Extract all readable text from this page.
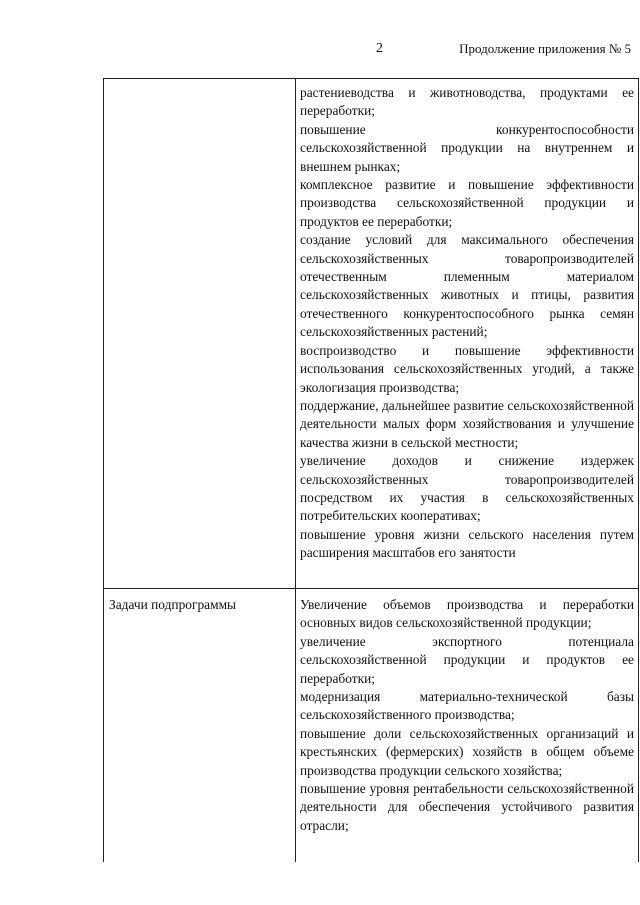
2	Продолжение приложения № 5

растениеводства и животноводства, продуктами ее переработки;

повышение конкурентоспособности сельскохозяйственной продукции на внутреннем и внешнем рынках;

комплексное развитие и повышение эффективности производства сельскохозяйственной продукции и продуктов ее переработки;

создание условий для максимального обеспечения сельскохозяйственных товаропроизводителей отечественным племенным материалом сельскохозяйственных животных и птицы, развития отечественного конкурентоспособного рынка семян сельскохозяйственных растений;

воспроизводство и повышение эффективности использования сельскохозяйственных угодий, а также экологизация производства;

поддержание, дальнейшее развитие сельскохозяйственной деятельности малых форм хозяйствования и улучшение качества жизни в сельской местности;

увеличение доходов и снижение издержек сельскохозяйственных товаропроизводителей посредством их участия в сельскохозяйственных потребительских кооперативах;

повышение уровня жизни сельского населения путем расширения масштабов его занятости

Задачи подпрограммы	Увеличение объемов производства и переработки основных видов сельскохозяйственной продукции;

увеличение экспортного потенциала сельскохозяйственной продукции и продуктов ее переработки;

модернизация материально-технической базы сельскохозяйственного производства;

повышение доли сельскохозяйственных организаций и крестьянских (фермерских) хозяйств в общем объеме производства продукции сельского хозяйства;

повышение уровня рентабельности сельскохозяйственной деятельности для обеспечения устойчивого развития отрасли;
